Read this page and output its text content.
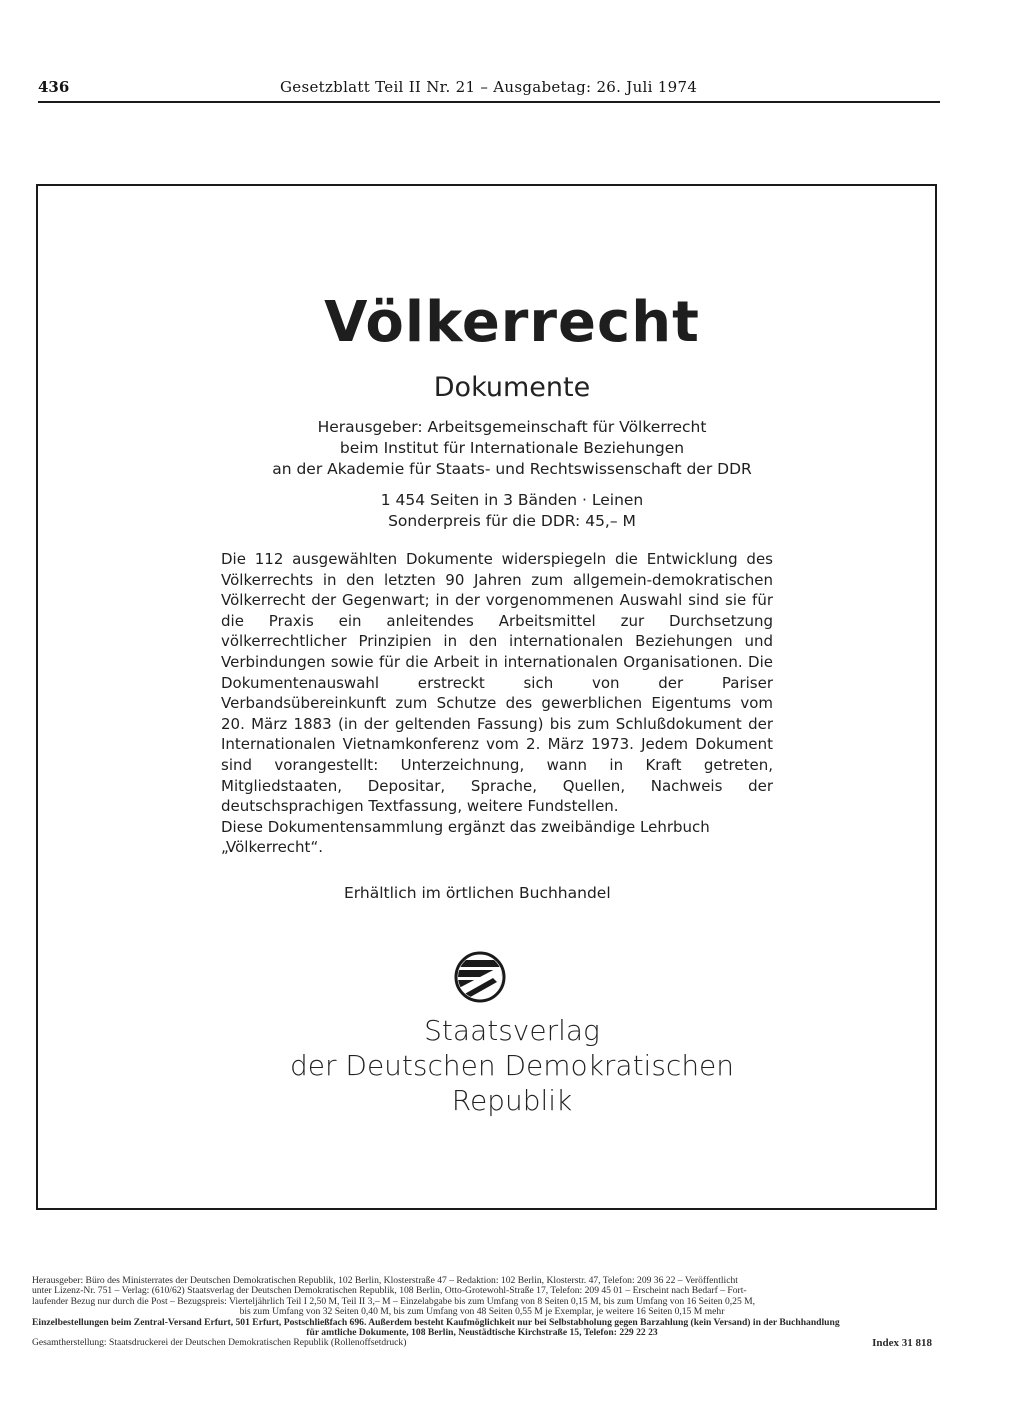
436	Gesetzblatt Teil II Nr. 21 – Ausgabetag: 26. Juli 1974
Völkerrecht
Dokumente
Herausgeber: Arbeitsgemeinschaft für Völkerrecht
beim Institut für Internationale Beziehungen
an der Akademie für Staats- und Rechtswissenschaft der DDR
1 454 Seiten in 3 Bänden · Leinen
Sonderpreis für die DDR: 45,– M

Die 112 ausgewählten Dokumente widerspiegeln die Entwicklung des Völkerrechts in den letzten 90 Jahren zum allgemein-demokratischen Völkerrecht der Gegenwart; in der vorgenommenen Auswahl sind sie für die Praxis ein anleitendes Arbeitsmittel zur Durchsetzung völkerrechtlicher Prinzipien in den internationalen Beziehungen und Verbindungen sowie für die Arbeit in internationalen Organisationen. Die Dokumentenauswahl erstreckt sich von der Pariser Verbandsübereinkunft zum Schutze des gewerblichen Eigentums vom 20. März 1883 (in der geltenden Fassung) bis zum Schlußdokument der Internationalen Vietnamkonferenz vom 2. März 1973. Jedem Dokument sind vorangestellt: Unterzeichnung, wann in Kraft getreten, Mitgliedstaaten, Depositar, Sprache, Quellen, Nachweis der deutschsprachigen Textfassung, weitere Fundstellen.

Diese Dokumentensammlung ergänzt das zweibändige Lehrbuch „Völkerrecht“.

Erhältlich im örtlichen Buchhandel
Staatsverlag
der Deutschen Demokratischen
Republik
Herausgeber: Büro des Ministerrates der Deutschen Demokratischen Republik, 102 Berlin, Klosterstraße 47 – Redaktion: 102 Berlin, Klosterstr. 47, Telefon: 209 36 22 – Veröffentlicht
unter Lizenz-Nr. 751 – Verlag: (610/62) Staatsverlag der Deutschen Demokratischen Republik, 108 Berlin, Otto-Grotewohl-Straße 17, Telefon: 209 45 01 – Erscheint nach Bedarf – Fort-
laufender Bezug nur durch die Post – Bezugspreis: Vierteljährlich Teil I 2,50 M, Teil II 3,– M – Einzelabgabe bis zum Umfang von 8 Seiten 0,15 M, bis zum Umfang von 16 Seiten 0,25 M,
bis zum Umfang von 32 Seiten 0,40 M, bis zum Umfang von 48 Seiten 0,55 M je Exemplar, je weitere 16 Seiten 0,15 M mehr
Einzelbestellungen beim Zentral-Versand Erfurt, 501 Erfurt, Postschließfach 696. Außerdem besteht Kaufmöglichkeit nur bei Selbstabholung gegen Barzahlung (kein Versand) in der Buchhandlung
für amtliche Dokumente, 108 Berlin, Neustädtische Kirchstraße 15, Telefon: 229 22 23
Gesamtherstellung: Staatsdruckerei der Deutschen Demokratischen Republik (Rollenoffsetdruck)	Index 31 818
